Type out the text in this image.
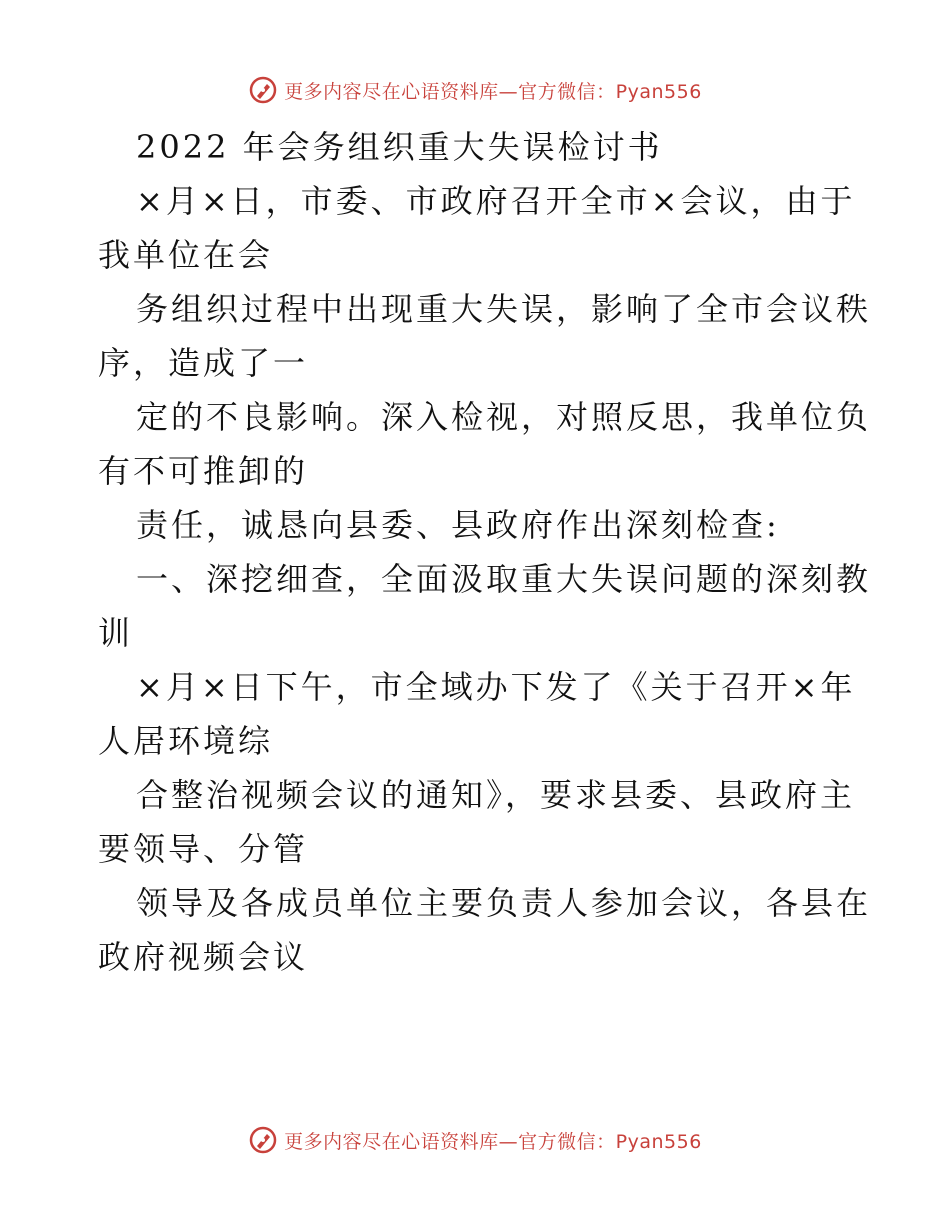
更多内容尽在心语资料库—官方微信：Pyan556
2022 年会务组织重大失误检讨书

×月×日，市委、市政府召开全市×会议，由于

我单位在会

务组织过程中出现重大失误，影响了全市会议秩

序，造成了一

定的不良影响。深入检视，对照反思，我单位负

有不可推卸的

责任，诚恳向县委、县政府作出深刻检查:

一、深挖细查，全面汲取重大失误问题的深刻教

训

×月×日下午，市全域办下发了《关于召开×年

人居环境综

合整治视频会议的通知》，要求县委、县政府主

要领导、分管

领导及各成员单位主要负责人参加会议，各县在

政府视频会议

更多内容尽在心语资料库—官方微信：Pyan556
